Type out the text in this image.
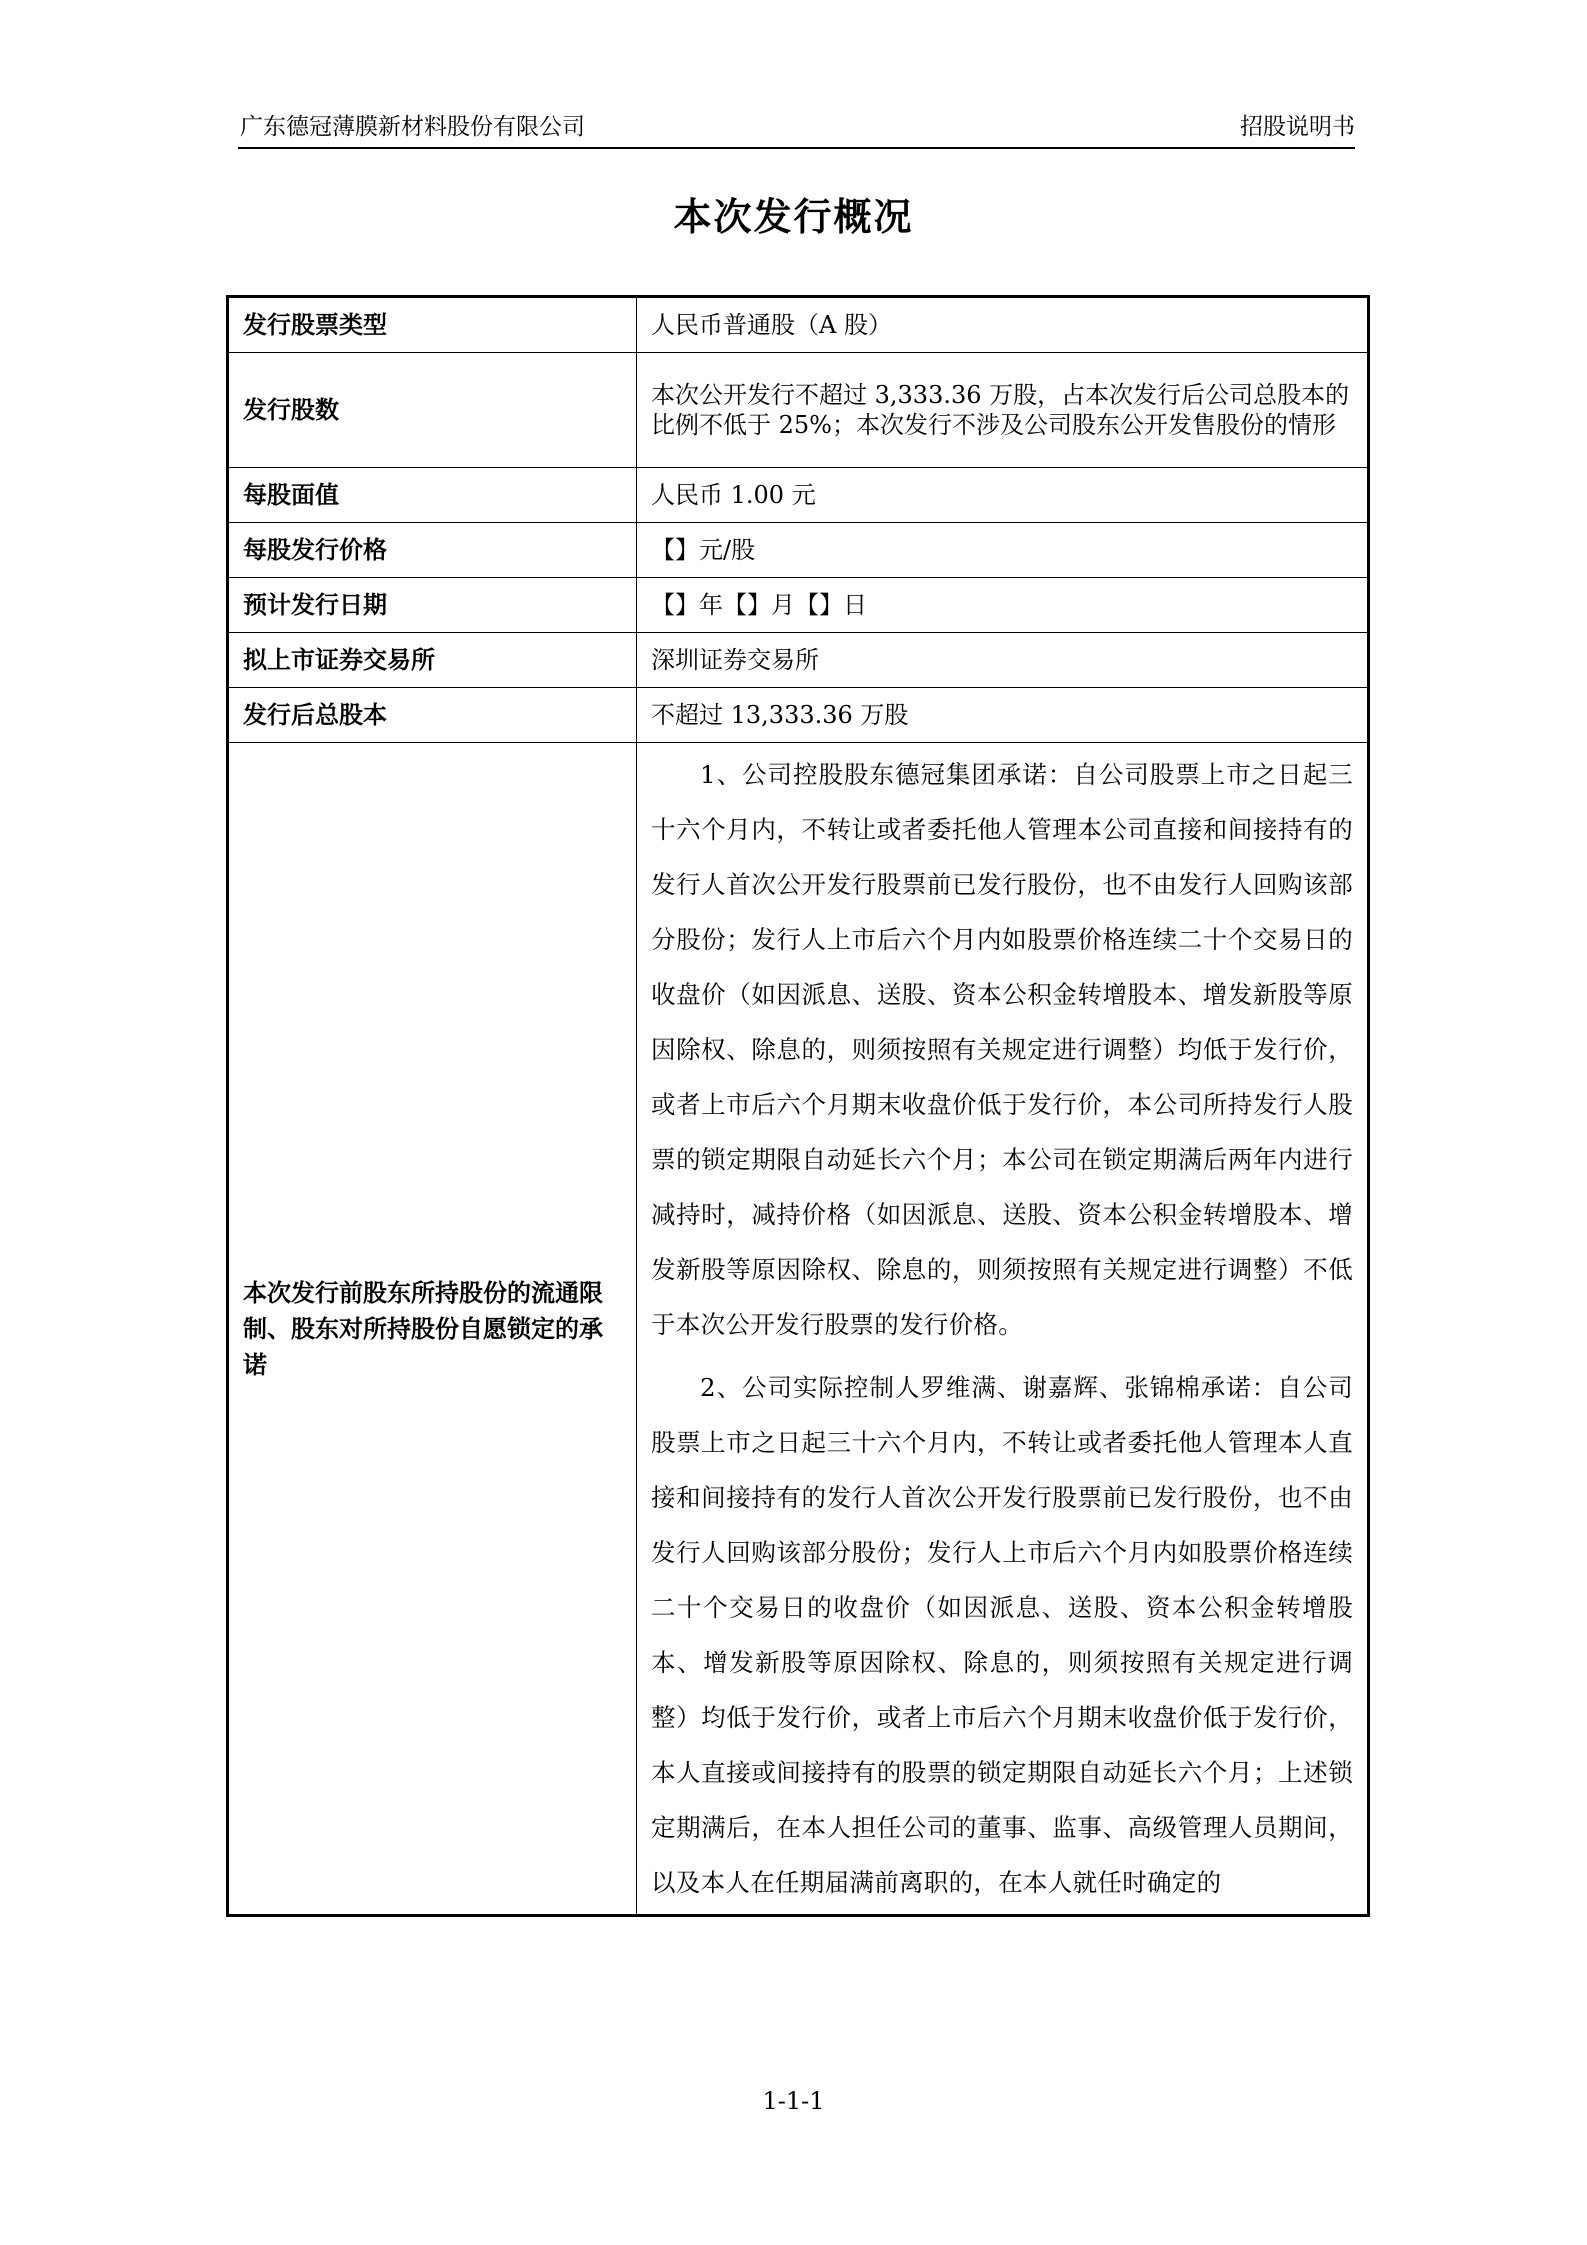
广东德冠薄膜新材料股份有限公司	招股说明书
本次发行概况
发行股票类型	人民币普通股（A 股）
发行股数	本次公开发行不超过 3,333.36 万股，占本次发行后公司总股本的比例不低于 25%；本次发行不涉及公司股东公开发售股份的情形
每股面值	人民币 1.00 元
每股发行价格	【】元/股
预计发行日期	【】年【】月【】日
拟上市证券交易所	深圳证券交易所
发行后总股本	不超过 13,333.36 万股
本次发行前股东所持股份的流通限制、股东对所持股份自愿锁定的承诺	1、公司控股股东德冠集团承诺：自公司股票上市之日起三十六个月内，不转让或者委托他人管理本公司直接和间接持有的发行人首次公开发行股票前已发行股份，也不由发行人回购该部分股份；发行人上市后六个月内如股票价格连续二十个交易日的收盘价（如因派息、送股、资本公积金转增股本、增发新股等原因除权、除息的，则须按照有关规定进行调整）均低于发行价，或者上市后六个月期末收盘价低于发行价，本公司所持发行人股票的锁定期限自动延长六个月；本公司在锁定期满后两年内进行减持时，减持价格（如因派息、送股、资本公积金转增股本、增发新股等原因除权、除息的，则须按照有关规定进行调整）不低于本次公开发行股票的发行价格。

2、公司实际控制人罗维满、谢嘉辉、张锦棉承诺：自公司股票上市之日起三十六个月内，不转让或者委托他人管理本人直接和间接持有的发行人首次公开发行股票前已发行股份，也不由发行人回购该部分股份；发行人上市后六个月内如股票价格连续二十个交易日的收盘价（如因派息、送股、资本公积金转增股本、增发新股等原因除权、除息的，则须按照有关规定进行调整）均低于发行价，或者上市后六个月期末收盘价低于发行价，本人直接或间接持有的股票的锁定期限自动延长六个月；上述锁定期满后，在本人担任公司的董事、监事、高级管理人员期间，以及本人在任期届满前离职的，在本人就任时确定的

1-1-1
